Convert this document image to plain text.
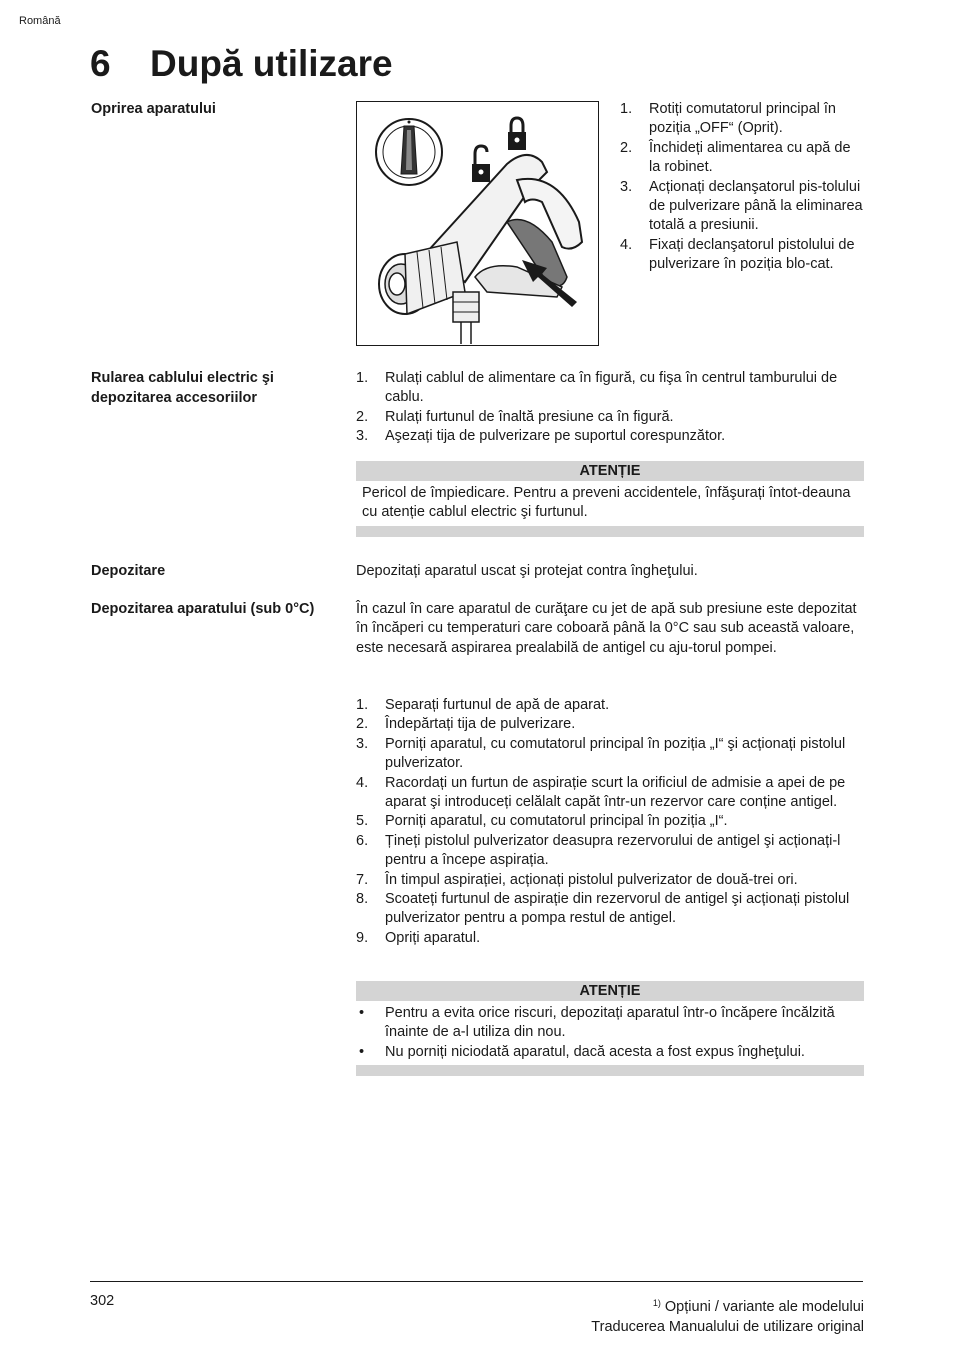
Română
6 După utilizare
Oprirea aparatului	1. Rotiți comutatorul principal în poziția „OFF“ (Oprit).
2. Închideți alimentarea cu apă de la robinet.
3. Acționați declanşatorul pis-tolului de pulverizare până la eliminarea totală a presiunii.
4. Fixați declanşatorul pistolului de pulverizare în poziția blo-cat.
Rularea cablului electric şi depozitarea accesoriilor
1. Rulați cablul de alimentare ca în figură, cu fişa în centrul tamburului de cablu.
2. Rulați furtunul de înaltă presiune ca în figură.
3. Aşezați tija de pulverizare pe suportul corespunzător.
ATENȚIE
Pericol de împiedicare. Pentru a preveni accidentele, înfăşurați întot-deauna cu atenție cablul electric şi furtunul.
Depozitare	Depozitați aparatul uscat şi protejat contra îngheţului.
Depozitarea aparatului (sub 0°C)	În cazul în care aparatul de curăţare cu jet de apă sub presiune este depozitat în încăperi cu temperaturi care coboară până la 0°C sau sub această valoare, este necesară aspirarea prealabilă de antigel cu aju-torul pompei.
1. Separați furtunul de apă de aparat.
2. Îndepărtați tija de pulverizare.
3. Porniți aparatul, cu comutatorul principal în poziția „I“ şi acționați pistolul pulverizator.
4. Racordați un furtun de aspirație scurt la orificiul de admisie a apei de pe aparat şi introduceți celălalt capăt într-un rezervor care conține antigel.
5. Porniți aparatul, cu comutatorul principal în poziția „I“.
6. Țineți pistolul pulverizator deasupra rezervorului de antigel şi acționați-l pentru a începe aspirația.
7. În timpul aspirației, acționați pistolul pulverizator de două-trei ori.
8. Scoateți furtunul de aspirație din rezervorul de antigel şi acționați pistolul pulverizator pentru a pompa restul de antigel.
9. Opriți aparatul.
ATENȚIE
• Pentru a evita orice riscuri, depozitați aparatul într-o încăpere încălzită înainte de a-l utiliza din nou.
• Nu porniți niciodată aparatul, dacă acesta a fost expus îngheţului.
302	$^{1)}$ Opțiuni / variante ale modelului
Traducerea Manualului de utilizare original
